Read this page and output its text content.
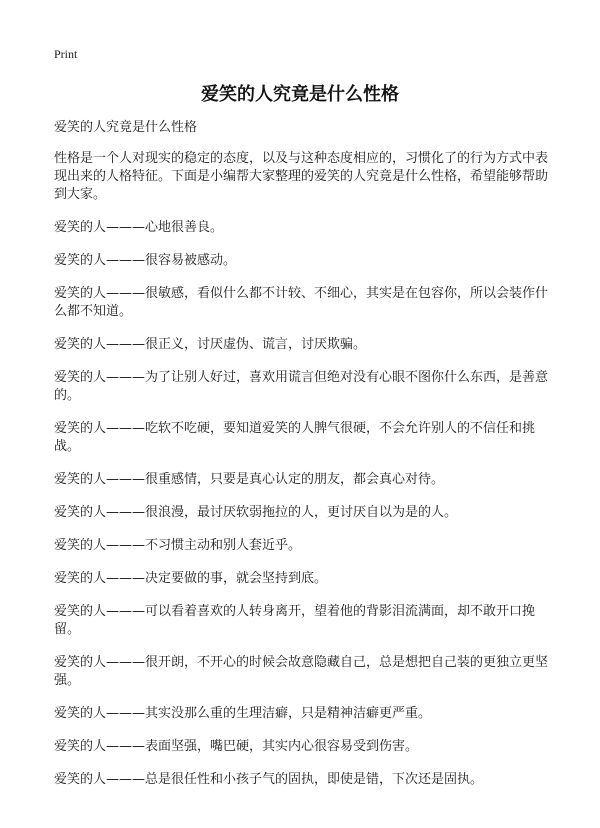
Print
爱笑的人究竟是什么性格

爱笑的人究竟是什么性格

性格是一个人对现实的稳定的态度，以及与这种态度相应的，习惯化了的行为方式中表现出来的人格特征。下面是小编帮大家整理的爱笑的人究竟是什么性格，希望能够帮助到大家。

爱笑的人———心地很善良。

爱笑的人———很容易被感动。

爱笑的人———很敏感，看似什么都不计较、不细心，其实是在包容你，所以会装作什么都不知道。

爱笑的人———很正义，讨厌虚伪、谎言，讨厌欺骗。

爱笑的人———为了让别人好过，喜欢用谎言但绝对没有心眼不图你什么东西，是善意的。

爱笑的人———吃软不吃硬，要知道爱笑的人脾气很硬，不会允许别人的不信任和挑战。

爱笑的人———很重感情，只要是真心认定的朋友，都会真心对待。

爱笑的人———很浪漫，最讨厌软弱拖拉的人，更讨厌自以为是的人。

爱笑的人———不习惯主动和别人套近乎。

爱笑的人———决定要做的事，就会坚持到底。

爱笑的人———可以看着喜欢的人转身离开，望着他的背影泪流满面，却不敢开口挽留。

爱笑的人———很开朗，不开心的时候会故意隐藏自己，总是想把自己装的更独立更坚强。

爱笑的人———其实没那么重的生理洁癖，只是精神洁癖更严重。

爱笑的人———表面坚强，嘴巴硬，其实内心很容易受到伤害。

爱笑的人———总是很任性和小孩子气的固执，即使是错，下次还是固执。
